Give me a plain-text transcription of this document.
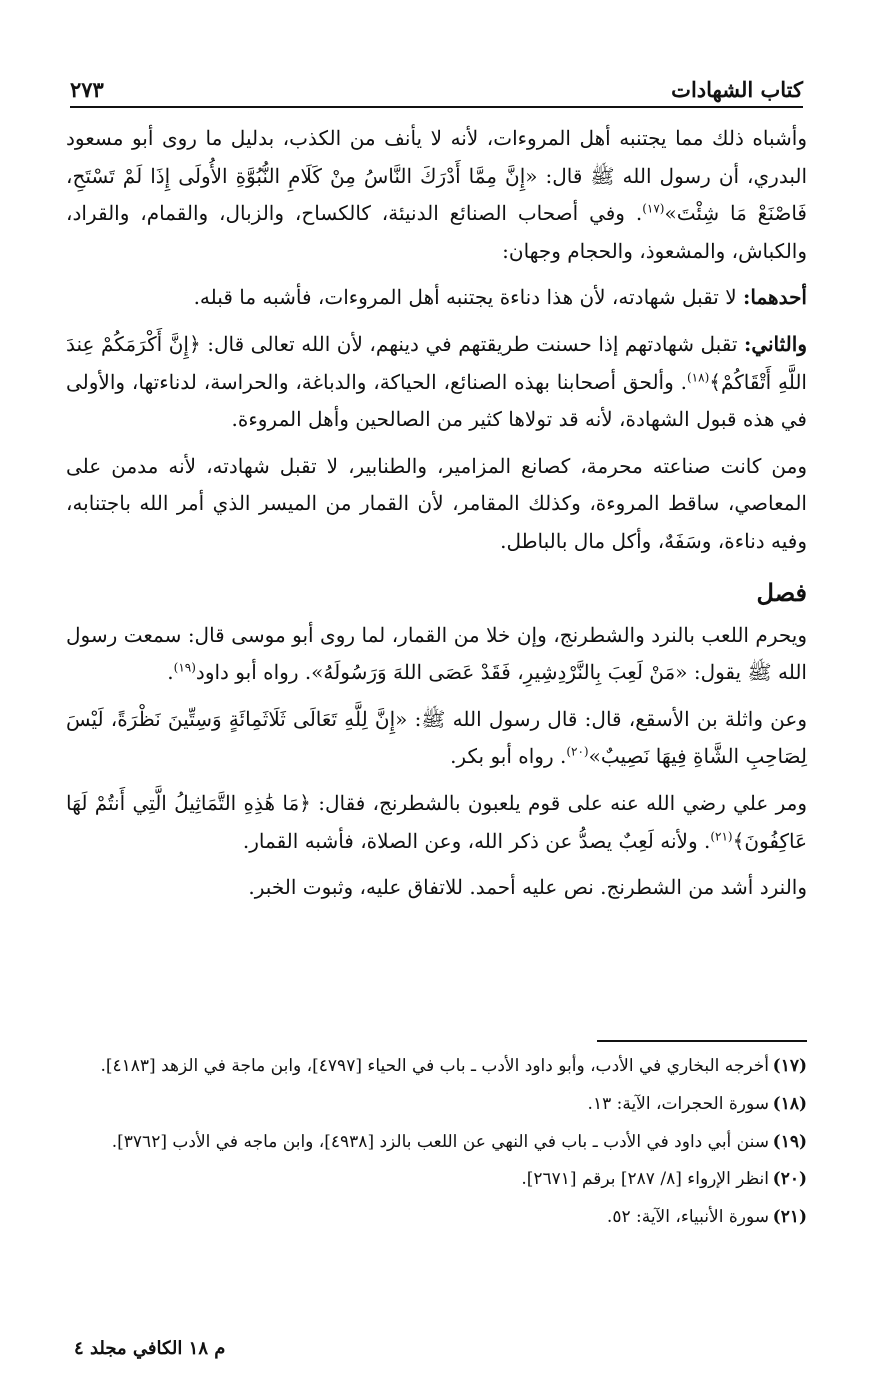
٢٧٣	كتاب الشهادات

وأشباه ذلك مما يجتنبه أهل المروءات، لأنه لا يأنف من الكذب، بدليل ما روى أبو مسعود البدري، أن رسول الله ﷺ قال: «إِنَّ مِمَّا أَدْرَكَ النَّاسُ مِنْ كَلَامِ النُّبُوَّةِ الأُولَى إِذَا لَمْ تَسْتَحِ، فَاصْنَعْ مَا شِئْتَ»$^{(١٧)}$. وفي أصحاب الصنائع الدنيئة، كالكساح، والزبال، والقمام، والقراد، والكباش، والمشعوذ، والحجام وجهان:

أحدهما: لا تقبل شهادته، لأن هذا دناءة يجتنبه أهل المروءات، فأشبه ما قبله.

والثاني: تقبل شهادتهم إذا حسنت طريقتهم في دينهم، لأن الله تعالى قال: ﴿إِنَّ أَكْرَمَكُمْ عِندَ اللَّهِ أَتْقَاكُمْ﴾$^{(١٨)}$. وألحق أصحابنا بهذه الصنائع، الحياكة، والدباغة، والحراسة، لدناءتها، والأولى في هذه قبول الشهادة، لأنه قد تولاها كثير من الصالحين وأهل المروءة.

ومن كانت صناعته محرمة، كصانع المزامير، والطنابير، لا تقبل شهادته، لأنه مدمن على المعاصي، ساقط المروءة، وكذلك المقامر، لأن القمار من الميسر الذي أمر الله باجتنابه، وفيه دناءة، وسَفَهٌ، وأكل مال بالباطل.

فصل

ويحرم اللعب بالنرد والشطرنج، وإن خلا من القمار، لما روى أبو موسى قال: سمعت رسول الله ﷺ يقول: «مَنْ لَعِبَ بِالنَّرْدِشِيرِ، فَقَدْ عَصَى اللهَ وَرَسُولَهُ». رواه أبو داود$^{(١٩)}$.

وعن واثلة بن الأسقع، قال: قال رسول الله ﷺ: «إِنَّ لِلَّهِ تَعَالَى ثَلَاثَمِائَةٍ وَسِتِّينَ نَظْرَةً، لَيْسَ لِصَاحِبِ الشَّاةِ فِيهَا نَصِيبٌ»$^{(٢٠)}$. رواه أبو بكر.

ومر علي رضي الله عنه على قوم يلعبون بالشطرنج، فقال: ﴿مَا هَٰذِهِ التَّمَاثِيلُ الَّتِي أَنتُمْ لَهَا عَاكِفُونَ﴾$^{(٢١)}$. ولأنه لَعِبٌ يصدُّ عن ذكر الله، وعن الصلاة، فأشبه القمار.

والنرد أشد من الشطرنج. نص عليه أحمد. للاتفاق عليه، وثبوت الخبر.

(١٧)
أخرجه البخاري في الأدب، وأبو داود الأدب ـ باب في الحياء [٤٧٩٧]، وابن ماجة في الزهد [٤١٨٣].
(١٨)
سورة الحجرات، الآية: ١٣.
(١٩)
سنن أبي داود في الأدب ـ باب في النهي عن اللعب بالزد [٤٩٣٨]، وابن ماجه في الأدب [٣٧٦٢].
(٢٠)
انظر الإرواء [٨/ ٢٨٧] برقم [٢٦٧١].
(٢١)
سورة الأنبياء، الآية: ٥٢.
م ١٨ الكافي مجلد ٤
